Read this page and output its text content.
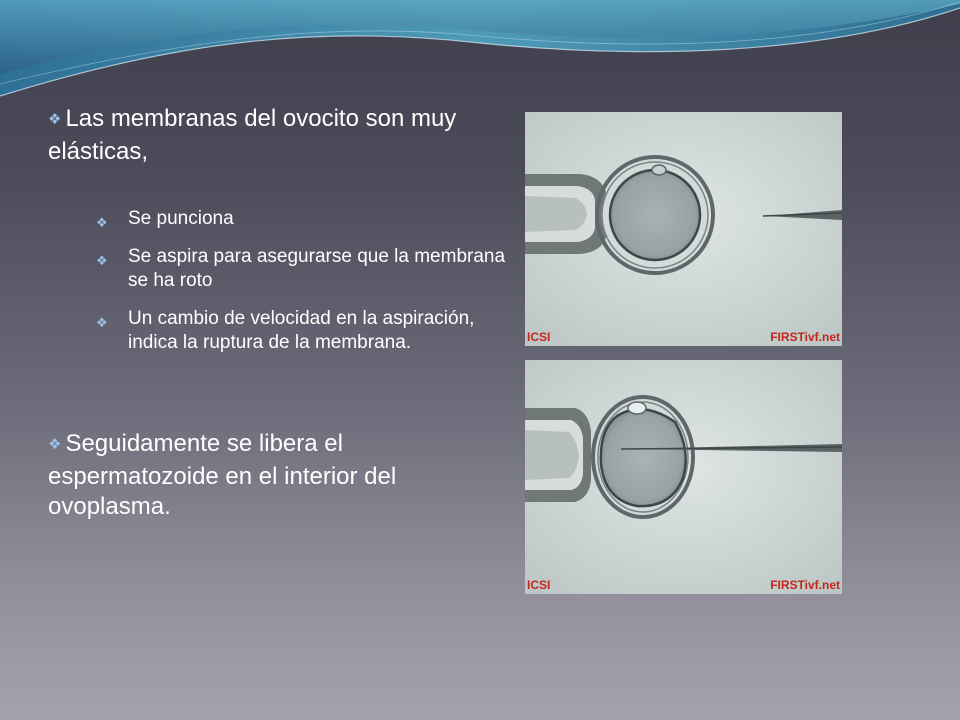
❖ Las membranas del ovocito son muy elásticas,
❖ Se punciona
❖ Se aspira para asegurarse que la membrana se ha roto
❖ Un cambio de velocidad en la aspiración, indica la ruptura de la membrana.
❖ Seguidamente se libera el espermatozoide en el interior del ovoplasma.
ICSI	FIRSTivf.net
ICSI	FIRSTivf.net
